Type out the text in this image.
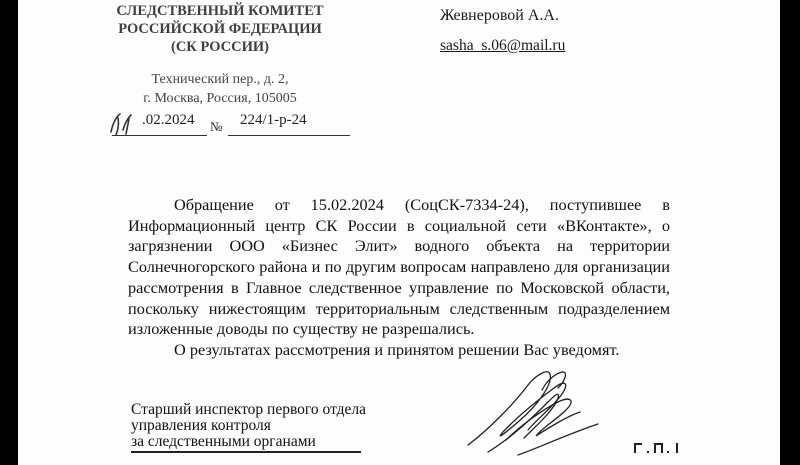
СЛЕДСТВЕННЫЙ КОМИТЕТ
РОССИЙСКОЙ ФЕДЕРАЦИИ
(СК РОССИИ)
Технический пер., д. 2,
г. Москва, Россия, 105005
.02.2024 № 224/1-р-24
Жевнеровой А.А.
sasha_s.06@mail.ru

Обращение от 15.02.2024 (СоцСК-7334-24), поступившее в Информационный центр СК России в социальной сети «ВКонтакте», о загрязнении ООО «Бизнес Элит» водного объекта на территории Солнечногорского района и по другим вопросам направлено для организации рассмотрения в Главное следственное управление по Московской области, поскольку нижестоящим территориальным следственным подразделением изложенные доводы по существу не разрешались.

О результатах рассмотрения и принятом решении Вас уведомят.

Старший инспектор первого отдела
управления контроля
за следственными органами
